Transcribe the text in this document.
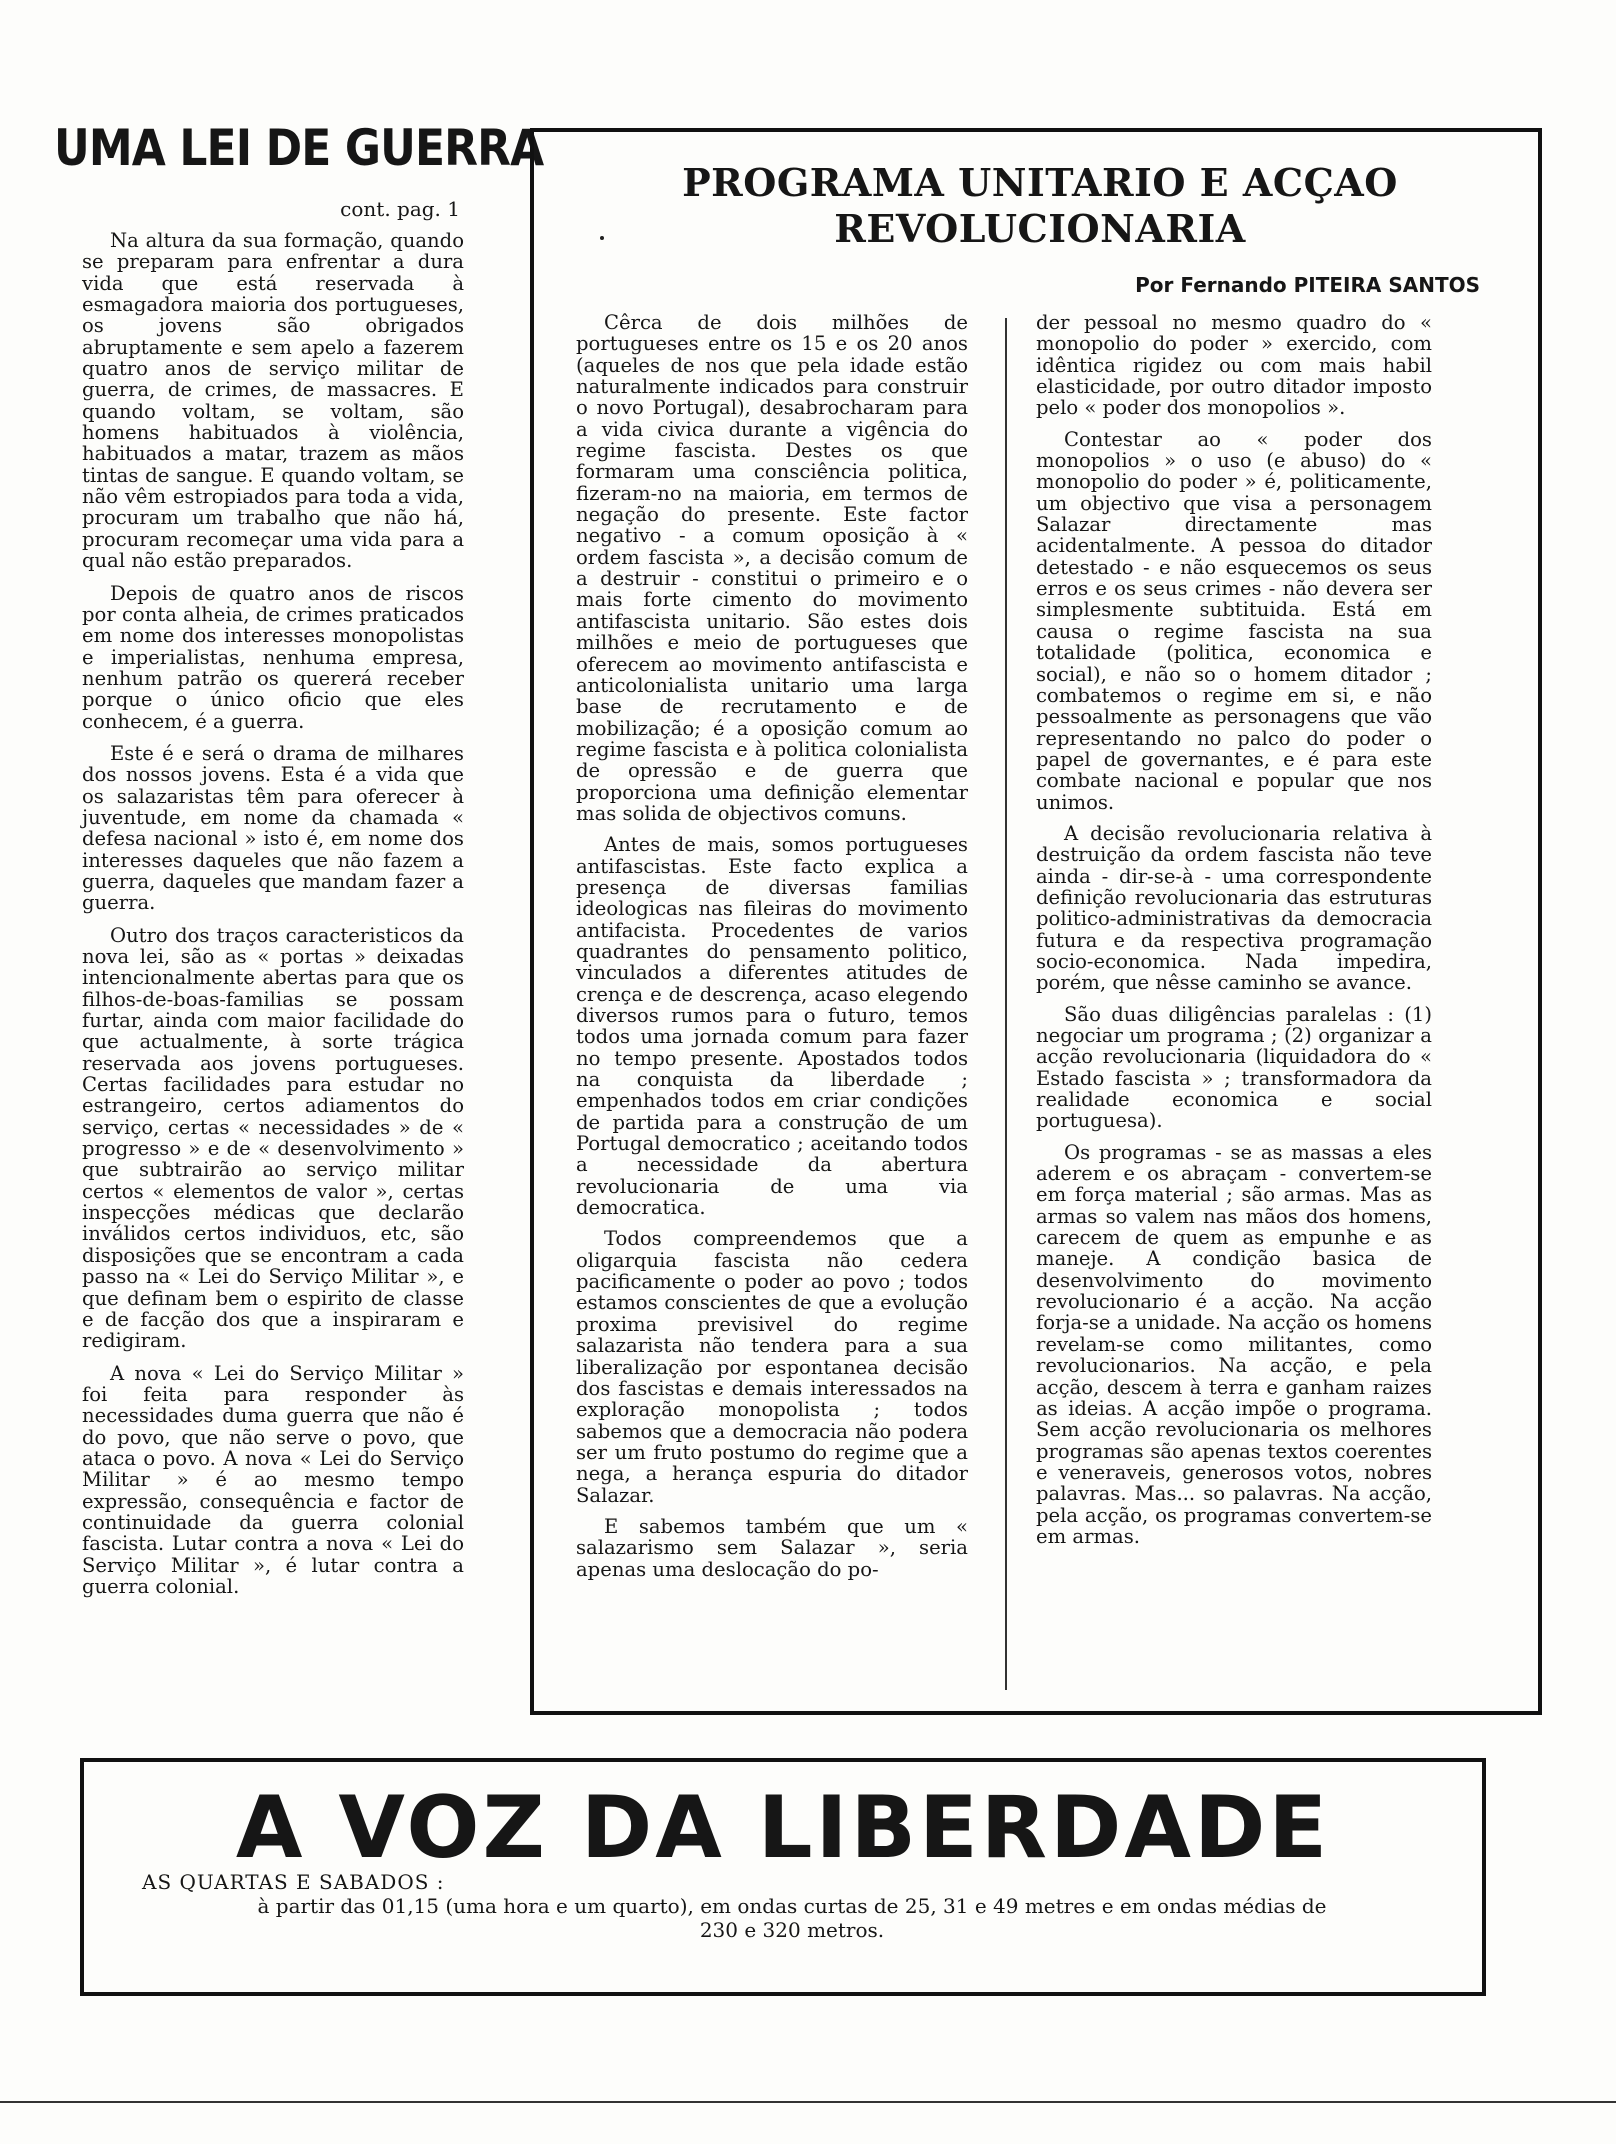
UMA LEI DE GUERRA
cont. pag. 1

Na altura da sua formação, quando se preparam para enfrentar a dura vida que está reservada à esmagadora maioria dos portugueses, os jovens são obrigados abruptamente e sem apelo a fazerem quatro anos de serviço militar de guerra, de crimes, de massacres. E quando voltam, se voltam, são homens habituados à violência, habituados a matar, trazem as mãos tintas de sangue. E quando voltam, se não vêm estropiados para toda a vida, procuram um trabalho que não há, procuram recomeçar uma vida para a qual não estão preparados.

Depois de quatro anos de riscos por conta alheia, de crimes praticados em nome dos interesses monopolistas e imperialistas, nenhuma empresa, nenhum patrão os quererá receber porque o único oficio que eles conhecem, é a guerra.

Este é e será o drama de milhares dos nossos jovens. Esta é a vida que os salazaristas têm para oferecer à juventude, em nome da chamada « defesa nacional » isto é, em nome dos interesses daqueles que não fazem a guerra, daqueles que mandam fazer a guerra.

Outro dos traços caracteristicos da nova lei, são as « portas » deixadas intencionalmente abertas para que os filhos-de-boas-familias se possam furtar, ainda com maior facilidade do que actualmente, à sorte trágica reservada aos jovens portugueses. Certas facilidades para estudar no estrangeiro, certos adiamentos do serviço, certas « necessidades » de « progresso » e de « desenvolvimento » que subtrairão ao serviço militar certos « elementos de valor », certas inspecções médicas que declarão inválidos certos individuos, etc, são disposições que se encontram a cada passo na « Lei do Serviço Militar », e que definam bem o espirito de classe e de facção dos que a inspiraram e redigiram.

A nova « Lei do Serviço Militar » foi feita para responder às necessidades duma guerra que não é do povo, que não serve o povo, que ataca o povo. A nova « Lei do Serviço Militar » é ao mesmo tempo expressão, consequência e factor de continuidade da guerra colonial fascista. Lutar contra a nova « Lei do Serviço Militar », é lutar contra a guerra colonial.

PROGRAMA UNITARIO E ACÇAO
REVOLUCIONARIA
Por Fernando PITEIRA SANTOS

Cêrca de dois milhões de portugueses entre os 15 e os 20 anos (aqueles de nos que pela idade estão naturalmente indicados para construir o novo Portugal), desabrocharam para a vida civica durante a vigência do regime fascista. Destes os que formaram uma consciência politica, fizeram-no na maioria, em termos de negação do presente. Este factor negativo - a comum oposição à « ordem fascista », a decisão comum de a destruir - constitui o primeiro e o mais forte cimento do movimento antifascista unitario. São estes dois milhões e meio de portugueses que oferecem ao movimento antifascista e anticolonialista unitario uma larga base de recrutamento e de mobilização; é a oposição comum ao regime fascista e à politica colonialista de opressão e de guerra que proporciona uma definição elementar mas solida de objectivos comuns.

Antes de mais, somos portugueses antifascistas. Este facto explica a presença de diversas familias ideologicas nas fileiras do movimento antifacista. Procedentes de varios quadrantes do pensamento politico, vinculados a diferentes atitudes de crença e de descrença, acaso elegendo diversos rumos para o futuro, temos todos uma jornada comum para fazer no tempo presente. Apostados todos na conquista da liberdade ; empenhados todos em criar condições de partida para a construção de um Portugal democratico ; aceitando todos a necessidade da abertura revolucionaria de uma via democratica.

Todos compreendemos que a oligarquia fascista não cedera pacificamente o poder ao povo ; todos estamos conscientes de que a evolução proxima previsivel do regime salazarista não tendera para a sua liberalização por espontanea decisão dos fascistas e demais interessados na exploração monopolista ; todos sabemos que a democracia não podera ser um fruto postumo do regime que a nega, a herança espuria do ditador Salazar.

E sabemos também que um « salazarismo sem Salazar », seria apenas uma deslocação do po-

der pessoal no mesmo quadro do « monopolio do poder » exercido, com idêntica rigidez ou com mais habil elasticidade, por outro ditador imposto pelo « poder dos monopolios ».

Contestar ao « poder dos monopolios » o uso (e abuso) do « monopolio do poder » é, politicamente, um objectivo que visa a personagem Salazar directamente mas acidentalmente. A pessoa do ditador detestado - e não esquecemos os seus erros e os seus crimes - não devera ser simplesmente subtituida. Está em causa o regime fascista na sua totalidade (politica, economica e social), e não so o homem ditador ; combatemos o regime em si, e não pessoalmente as personagens que vão representando no palco do poder o papel de governantes, e é para este combate nacional e popular que nos unimos.

A decisão revolucionaria relativa à destruição da ordem fascista não teve ainda - dir-se-à - uma correspondente definição revolucionaria das estruturas politico-administrativas da democracia futura e da respectiva programação socio-economica. Nada impedira, porém, que nêsse caminho se avance.

São duas diligências paralelas : (1) negociar um programa ; (2) organizar a acção revolucionaria (liquidadora do « Estado fascista » ; transformadora da realidade economica e social portuguesa).

Os programas - se as massas a eles aderem e os abraçam - convertem-se em força material ; são armas. Mas as armas so valem nas mãos dos homens, carecem de quem as empunhe e as maneje. A condição basica de desenvolvimento do movimento revolucionario é a acção. Na acção forja-se a unidade. Na acção os homens revelam-se como militantes, como revolucionarios. Na acção, e pela acção, descem à terra e ganham raizes as ideias. A acção impõe o programa. Sem acção revolucionaria os melhores programas são apenas textos coerentes e veneraveis, generosos votos, nobres palavras. Mas... so palavras. Na acção, pela acção, os programas convertem-se em armas.

A VOZ DA LIBERDADE
AS QUARTAS E SABADOS :
à partir das 01,15 (uma hora e um quarto), em ondas curtas de 25, 31 e 49 metres e em ondas médias de
230 e 320 metros.
